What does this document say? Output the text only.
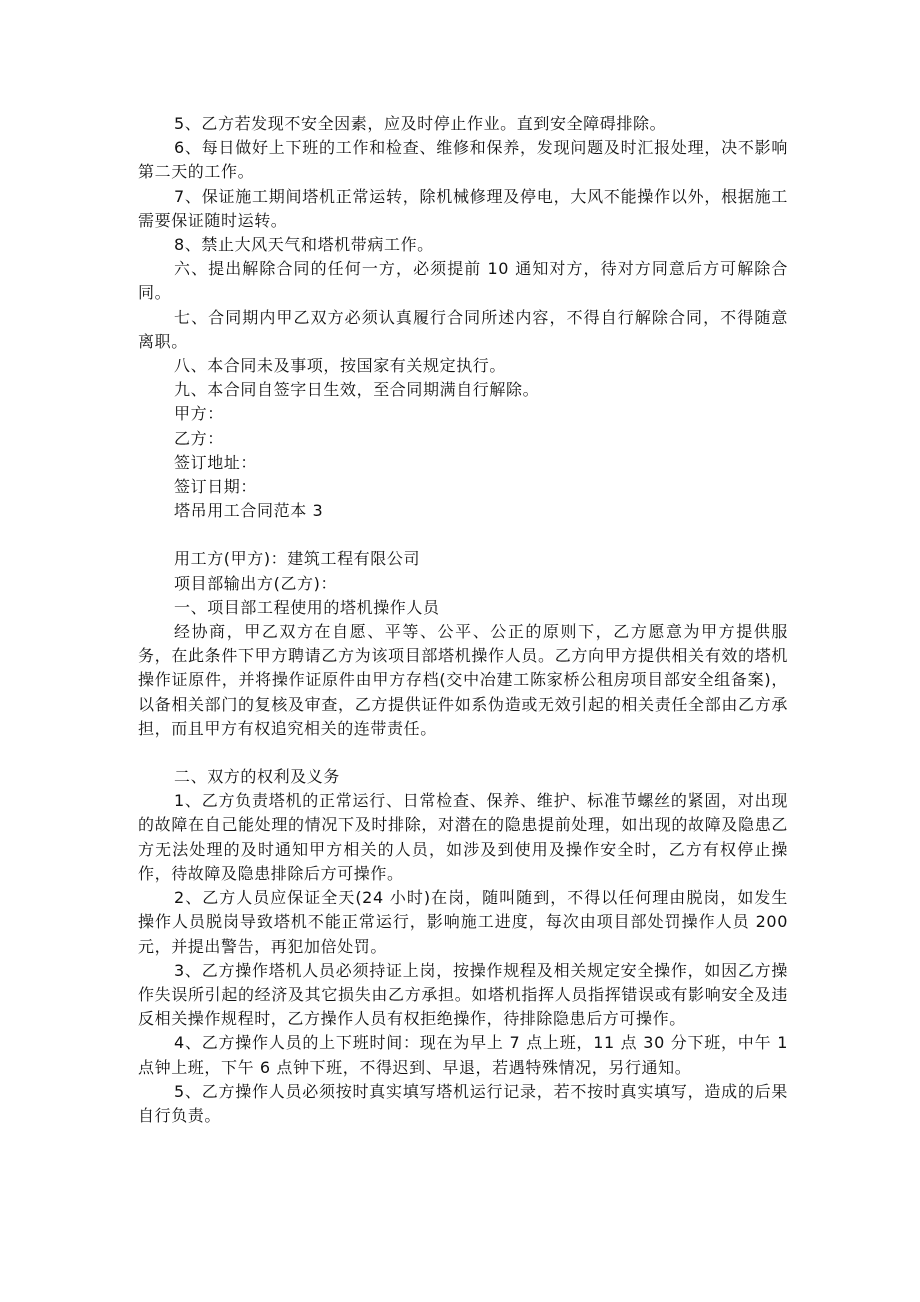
5、乙方若发现不安全因素，应及时停止作业。直到安全障碍排除。

6、每日做好上下班的工作和检查、维修和保养，发现问题及时汇报处理，决不影响第二天的工作。

7、保证施工期间塔机正常运转，除机械修理及停电，大风不能操作以外，根据施工需要保证随时运转。

8、禁止大风天气和塔机带病工作。

六、提出解除合同的任何一方，必须提前 10 通知对方，待对方同意后方可解除合同。

七、合同期内甲乙双方必须认真履行合同所述内容，不得自行解除合同，不得随意离职。

八、本合同未及事项，按国家有关规定执行。

九、本合同自签字日生效，至合同期满自行解除。

甲方：

乙方：

签订地址：

签订日期：

塔吊用工合同范本 3

用工方(甲方)：建筑工程有限公司

项目部输出方(乙方)：

一、项目部工程使用的塔机操作人员

经协商，甲乙双方在自愿、平等、公平、公正的原则下，乙方愿意为甲方提供服务，在此条件下甲方聘请乙方为该项目部塔机操作人员。乙方向甲方提供相关有效的塔机操作证原件，并将操作证原件由甲方存档(交中冶建工陈家桥公租房项目部安全组备案)，以备相关部门的复核及审查，乙方提供证件如系伪造或无效引起的相关责任全部由乙方承担，而且甲方有权追究相关的连带责任。

二、双方的权利及义务

1、乙方负责塔机的正常运行、日常检查、保养、维护、标准节螺丝的紧固，对出现的故障在自己能处理的情况下及时排除，对潜在的隐患提前处理，如出现的故障及隐患乙方无法处理的及时通知甲方相关的人员，如涉及到使用及操作安全时，乙方有权停止操作，待故障及隐患排除后方可操作。

2、乙方人员应保证全天(24 小时)在岗，随叫随到，不得以任何理由脱岗，如发生操作人员脱岗导致塔机不能正常运行，影响施工进度，每次由项目部处罚操作人员 200 元，并提出警告，再犯加倍处罚。

3、乙方操作塔机人员必须持证上岗，按操作规程及相关规定安全操作，如因乙方操作失误所引起的经济及其它损失由乙方承担。如塔机指挥人员指挥错误或有影响安全及违反相关操作规程时，乙方操作人员有权拒绝操作，待排除隐患后方可操作。

4、乙方操作人员的上下班时间：现在为早上 7 点上班，11 点 30 分下班，中午 1 点钟上班，下午 6 点钟下班，不得迟到、早退，若遇特殊情况，另行通知。

5、乙方操作人员必须按时真实填写塔机运行记录，若不按时真实填写，造成的后果自行负责。
